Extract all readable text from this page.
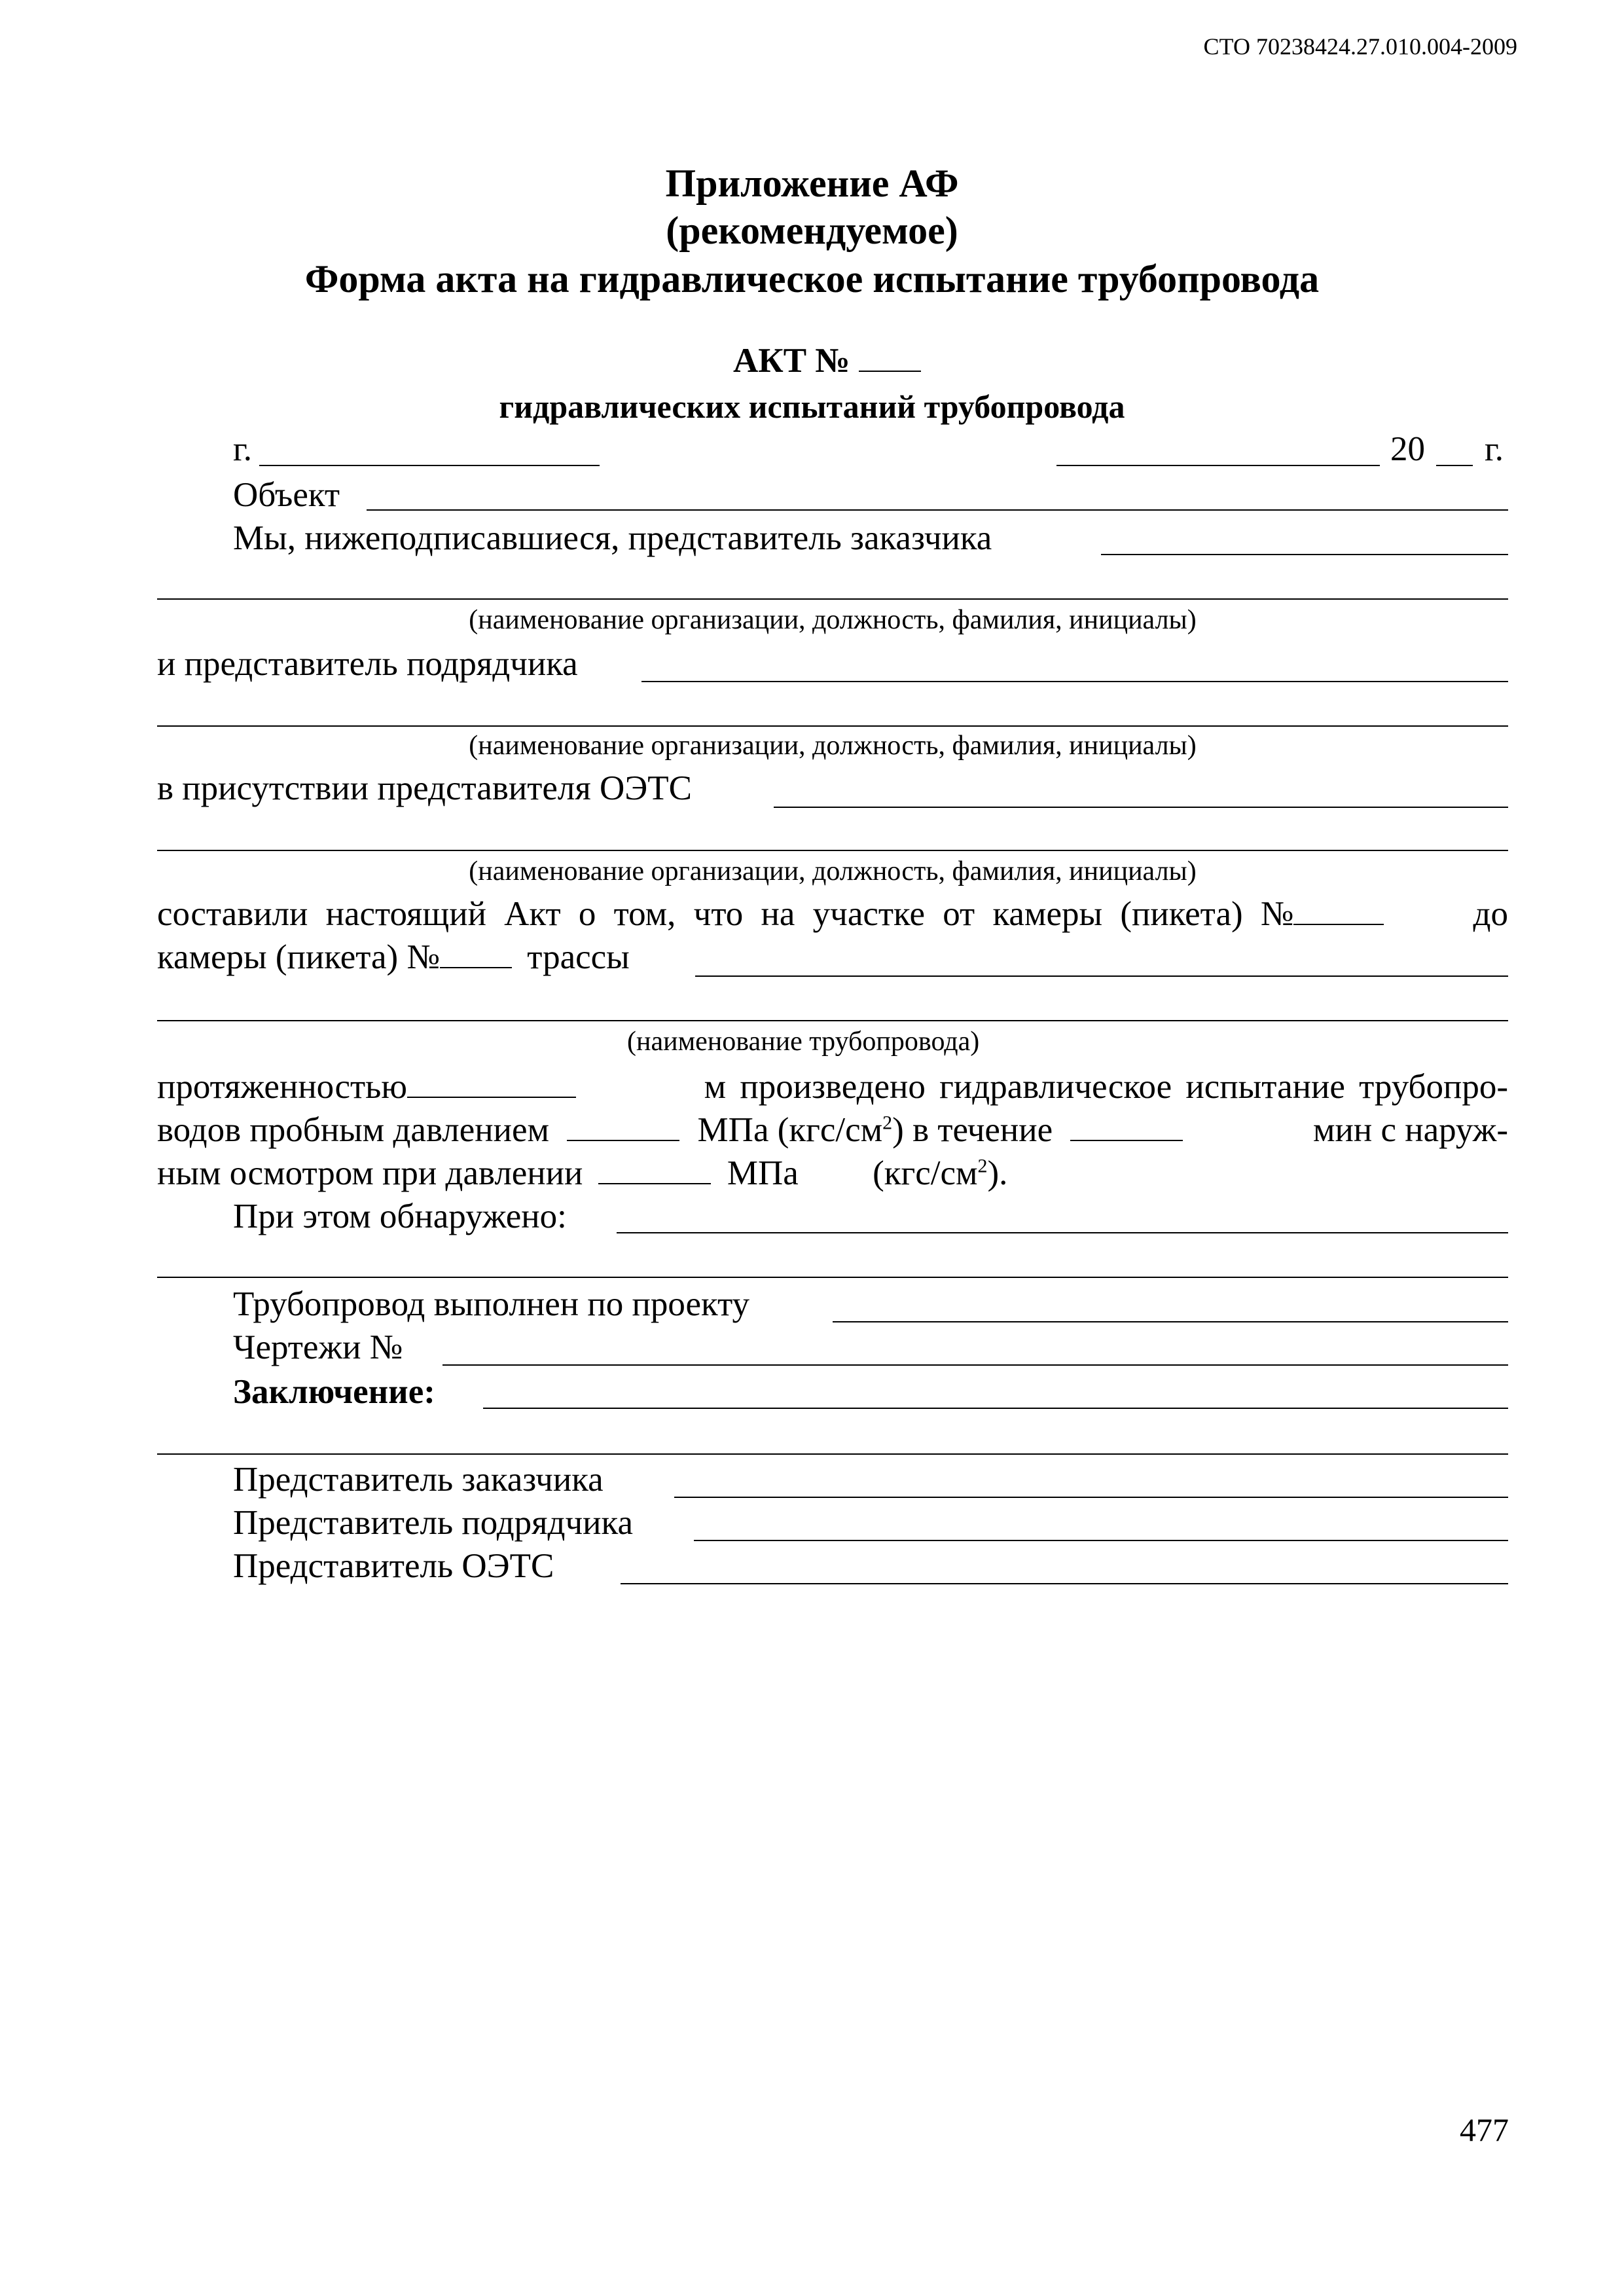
СТО 70238424.27.010.004-2009
Приложение АФ
(рекомендуемое)
Форма акта на гидравлическое испытание трубопровода
АКТ №
гидравлических испытаний трубопровода
г.	20 г.
Объект
Мы, нижеподписавшиеся, представитель заказчика
(наименование организации, должность, фамилия, инициалы)
и представитель подрядчика
(наименование организации, должность, фамилия, инициалы)
в присутствии представителя ОЭТС
(наименование организации, должность, фамилия, инициалы)
составили настоящий Акт о том, что на участке от камеры (пикета) №	до
камеры (пикета) №	трассы
(наименование трубопровода)
протяженностью	м произведено гидравлическое испытание трубопро-
водов пробным давлением	МПа $(кгс/см^2)$ в течение	мин с наруж-
ным осмотром при давлении	МПа $(кгс/см^2)$.
При этом обнаружено:
Трубопровод выполнен по проекту
Чертежи №
Заключение:
Представитель заказчика
Представитель подрядчика
Представитель ОЭТС
477
